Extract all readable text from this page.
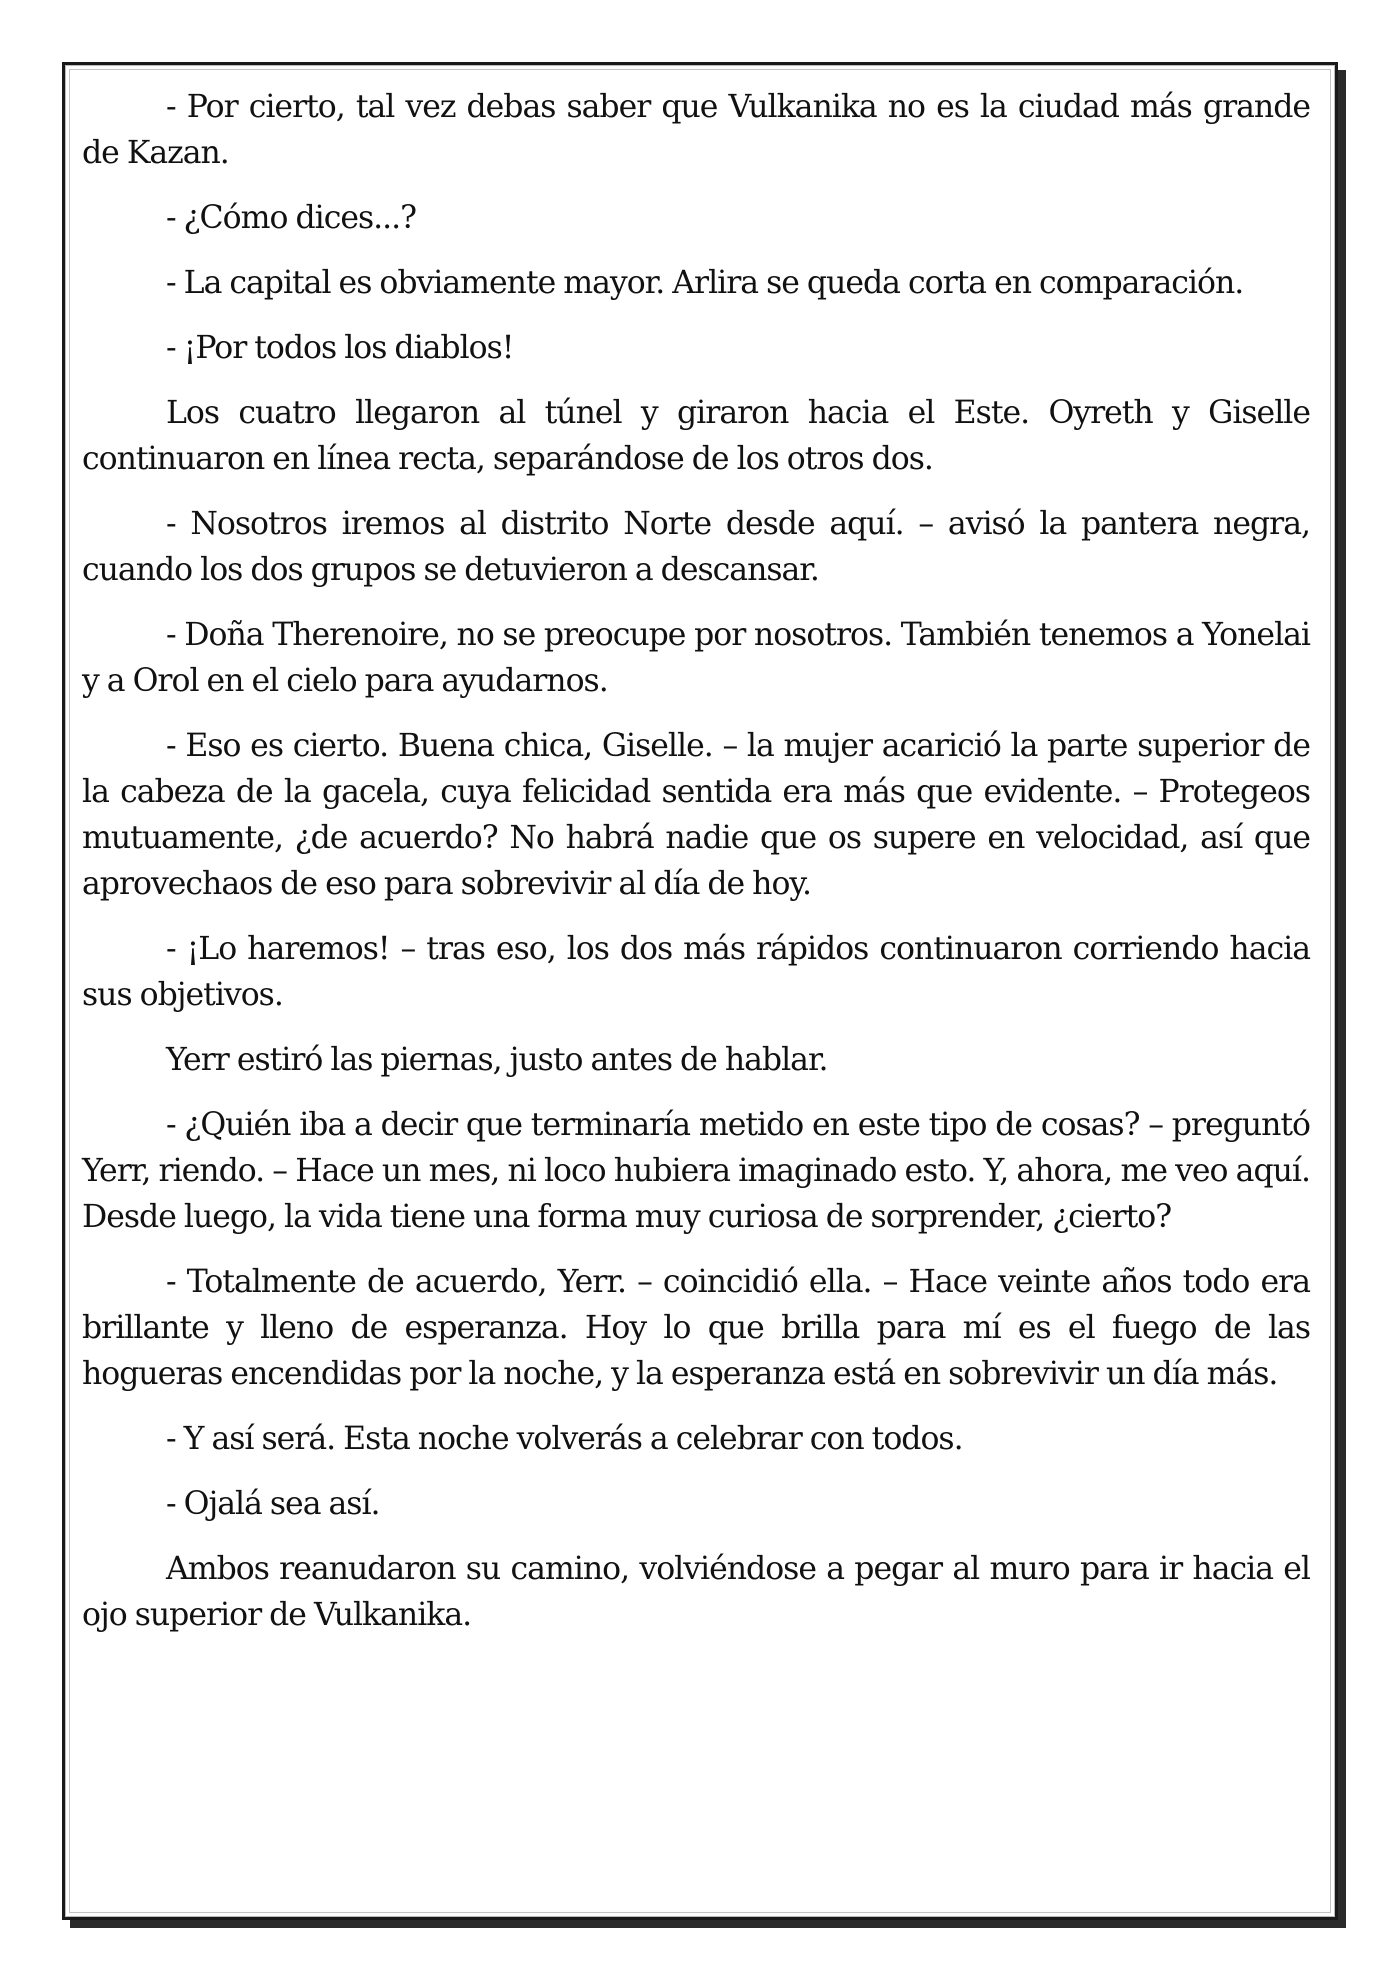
- Por cierto, tal vez debas saber que Vulkanika no es la ciudad más grande de Kazan.

- ¿Cómo dices...?

- La capital es obviamente mayor. Arlira se queda corta en comparación.

- ¡Por todos los diablos!

Los cuatro llegaron al túnel y giraron hacia el Este. Oyreth y Giselle continuaron en línea recta, separándose de los otros dos.

- Nosotros iremos al distrito Norte desde aquí. – avisó la pantera negra, cuando los dos grupos se detuvieron a descansar.

- Doña Therenoire, no se preocupe por nosotros. También tenemos a Yonelai y a Orol en el cielo para ayudarnos.

- Eso es cierto. Buena chica, Giselle. – la mujer acarició la parte superior de la cabeza de la gacela, cuya felicidad sentida era más que evidente. – Protegeos mutuamente, ¿de acuerdo? No habrá nadie que os supere en velocidad, así que aprovechaos de eso para sobrevivir al día de hoy.

- ¡Lo haremos! – tras eso, los dos más rápidos continuaron corriendo hacia sus objetivos.

Yerr estiró las piernas, justo antes de hablar.

- ¿Quién iba a decir que terminaría metido en este tipo de cosas? – preguntó Yerr, riendo. – Hace un mes, ni loco hubiera imaginado esto. Y, ahora, me veo aquí. Desde luego, la vida tiene una forma muy curiosa de sorprender, ¿cierto?

- Totalmente de acuerdo, Yerr. – coincidió ella. – Hace veinte años todo era brillante y lleno de esperanza. Hoy lo que brilla para mí es el fuego de las hogueras encendidas por la noche, y la esperanza está en sobrevivir un día más.

- Y así será. Esta noche volverás a celebrar con todos.

- Ojalá sea así.

Ambos reanudaron su camino, volviéndose a pegar al muro para ir hacia el ojo superior de Vulkanika.
